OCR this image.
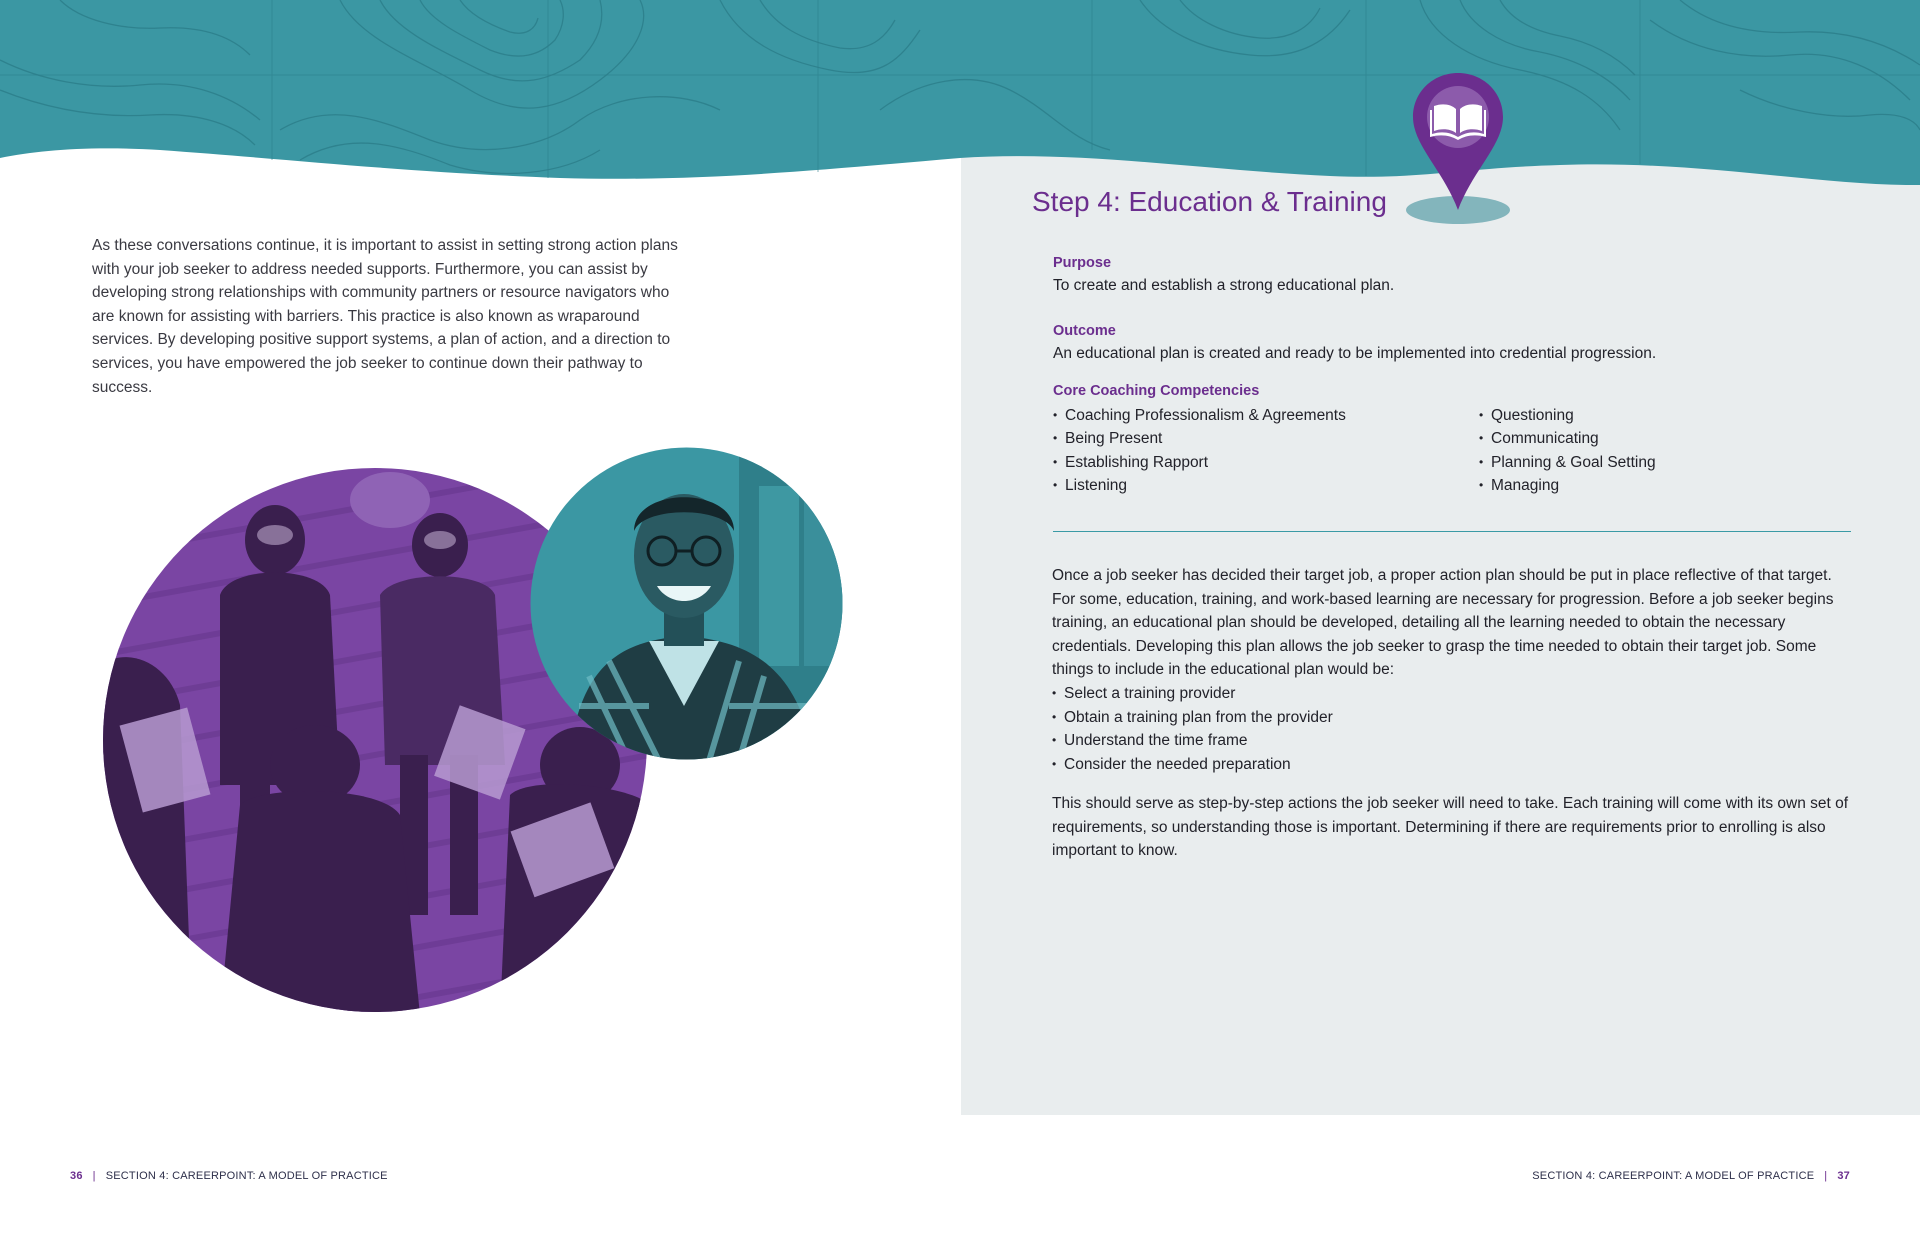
As these conversations continue, it is important to assist in setting strong action plans with your job seeker to address needed supports. Furthermore, you can assist by developing strong relationships with community partners or resource navigators who are known for assisting with barriers. This practice is also known as wraparound services. By developing positive support systems, a plan of action, and a direction to services, you have empowered the job seeker to continue down their pathway to success.

Step 4: Education & Training
Purpose
To create and establish a strong educational plan.
Outcome
An educational plan is created and ready to be implemented into credential progression.
Core Coaching Competencies
• Coaching Professionalism & Agreements
• Being Present
• Establishing Rapport
• Listening
• Questioning
• Communicating
• Planning & Goal Setting
• Managing

Once a job seeker has decided their target job, a proper action plan should be put in place reflective of that target. For some, education, training, and work-based learning are necessary for progression. Before a job seeker begins training, an educational plan should be developed, detailing all the learning needed to obtain the necessary credentials. Developing this plan allows the job seeker to grasp the time needed to obtain their target job. Some things to include in the educational plan would be:

• Select a training provider
• Obtain a training plan from the provider
• Understand the time frame
• Consider the needed preparation

This should serve as step-by-step actions the job seeker will need to take. Each training will come with its own set of requirements, so understanding those is important. Determining if there are requirements prior to enrolling is also important to know.

36 | SECTION 4: CAREERPOINT: A MODEL OF PRACTICE	SECTION 4: CAREERPOINT: A MODEL OF PRACTICE | 37
